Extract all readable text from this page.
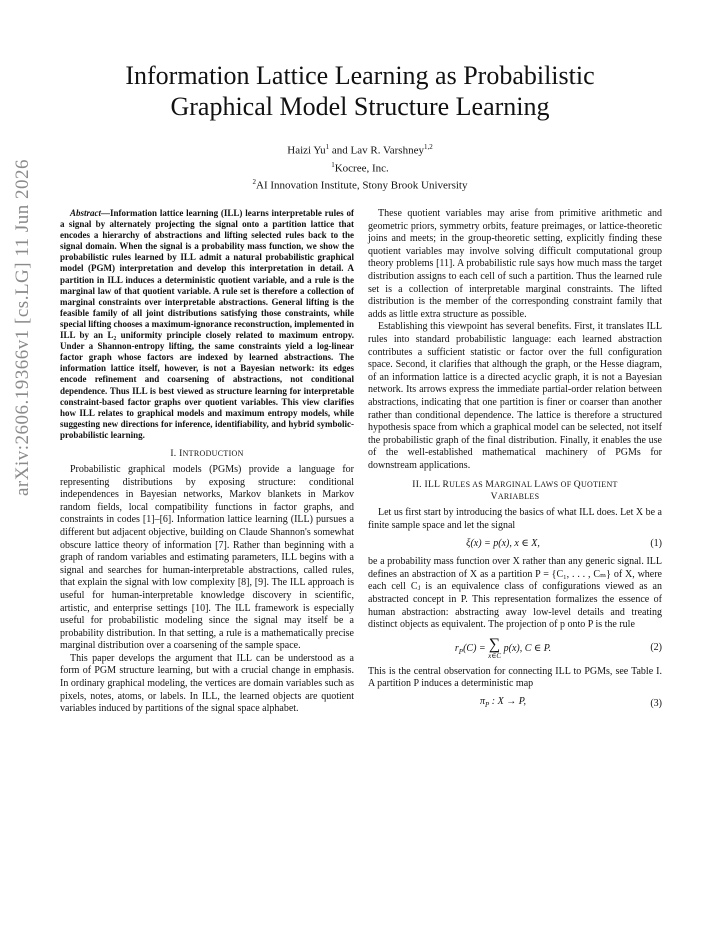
arXiv:2606.19366v1 [cs.LG] 11 Jun 2026
Information Lattice Learning as Probabilistic
Graphical Model Structure Learning
Haizi Yu$^1$ and Lav R. Varshney$^{1,2}$
$^1$Kocree, Inc.
$^2$AI Innovation Institute, Stony Brook University

Abstract—Information lattice learning (ILL) learns interpretable rules of a signal by alternately projecting the signal onto a partition lattice that encodes a hierarchy of abstractions and lifting selected rules back to the signal domain. When the signal is a probability mass function, we show the probabilistic rules learned by ILL admit a natural probabilistic graphical model (PGM) interpretation and develop this interpretation in detail. A partition in ILL induces a deterministic quotient variable, and a rule is the marginal law of that quotient variable. A rule set is therefore a collection of marginal constraints over interpretable abstractions. General lifting is the feasible family of all joint distributions satisfying those constraints, while special lifting chooses a maximum-ignorance reconstruction, implemented in ILL by an L₂ uniformity principle closely related to maximum entropy. Under a Shannon-entropy lifting, the same constraints yield a log-linear factor graph whose factors are indexed by learned abstractions. The information lattice itself, however, is not a Bayesian network: its edges encode refinement and coarsening of abstractions, not conditional dependence. Thus ILL is best viewed as structure learning for interpretable constraint-based factor graphs over quotient variables. This view clarifies how ILL relates to graphical models and maximum entropy models, while suggesting new directions for inference, identifiability, and hybrid symbolic-probabilistic learning.

I. INTRODUCTION

Probabilistic graphical models (PGMs) provide a language for representing distributions by exposing structure: conditional independences in Bayesian networks, Markov blankets in Markov random fields, local compatibility functions in factor graphs, and constraints in codes [1]–[6]. Information lattice learning (ILL) pursues a different but adjacent objective, building on Claude Shannon's somewhat obscure lattice theory of information [7]. Rather than beginning with a graph of random variables and estimating parameters, ILL begins with a signal and searches for human-interpretable abstractions, called rules, that explain the signal with low complexity [8], [9]. The ILL approach is useful for human-interpretable knowledge discovery in scientific, artistic, and enterprise settings [10]. The ILL framework is especially useful for probabilistic modeling since the signal may itself be a probability distribution. In that setting, a rule is a mathematically precise marginal distribution over a coarsening of the sample space.

This paper develops the argument that ILL can be understood as a form of PGM structure learning, but with a crucial change in emphasis. In ordinary graphical modeling, the vertices are domain variables such as pixels, notes, atoms, or labels. In ILL, the learned objects are quotient variables induced by partitions of the signal space alphabet.

These quotient variables may arise from primitive arithmetic and geometric priors, symmetry orbits, feature preimages, or lattice-theoretic joins and meets; in the group-theoretic setting, explicitly finding these quotient variables may involve solving difficult computational group theory problems [11]. A probabilistic rule says how much mass the target distribution assigns to each cell of such a partition. Thus the learned rule set is a collection of interpretable marginal constraints. The lifted distribution is the member of the corresponding constraint family that adds as little extra structure as possible.

Establishing this viewpoint has several benefits. First, it translates ILL rules into standard probabilistic language: each learned abstraction contributes a sufficient statistic or factor over the full configuration space. Second, it clarifies that although the graph, or the Hesse diagram, of an information lattice is a directed acyclic graph, it is not a Bayesian network. Its arrows express the immediate partial-order relation between abstractions, indicating that one partition is finer or coarser than another rather than conditional dependence. The lattice is therefore a structured hypothesis space from which a graphical model can be selected, not itself the probabilistic graph of the final distribution. Finally, it enables the use of the well-established mathematical machinery of PGMs for downstream applications.

II. ILL RULES AS MARGINAL LAWS OF QUOTIENT
VARIABLES

Let us first start by introducing the basics of what ILL does. Let X be a finite sample space and let the signal

ξ(x) = p(x), x ∈ X,	(1)

be a probability mass function over X rather than any generic signal. ILL defines an abstraction of X as a partition P = {C₁, . . . , Cₘ} of X, where each cell Cⱼ is an equivalence class of configurations viewed as an abstracted concept in P. This representation formalizes the essence of human abstraction: abstracting away low-level details and treating distinct objects as equivalent. The projection of p onto P is the rule

$r_P(C)$ = ∑
x∈C
p(x), C ∈ P.	(2)

This is the central observation for connecting ILL to PGMs, see Table I. A partition P induces a deterministic map

$\pi_P$ : X → P,	(3)
